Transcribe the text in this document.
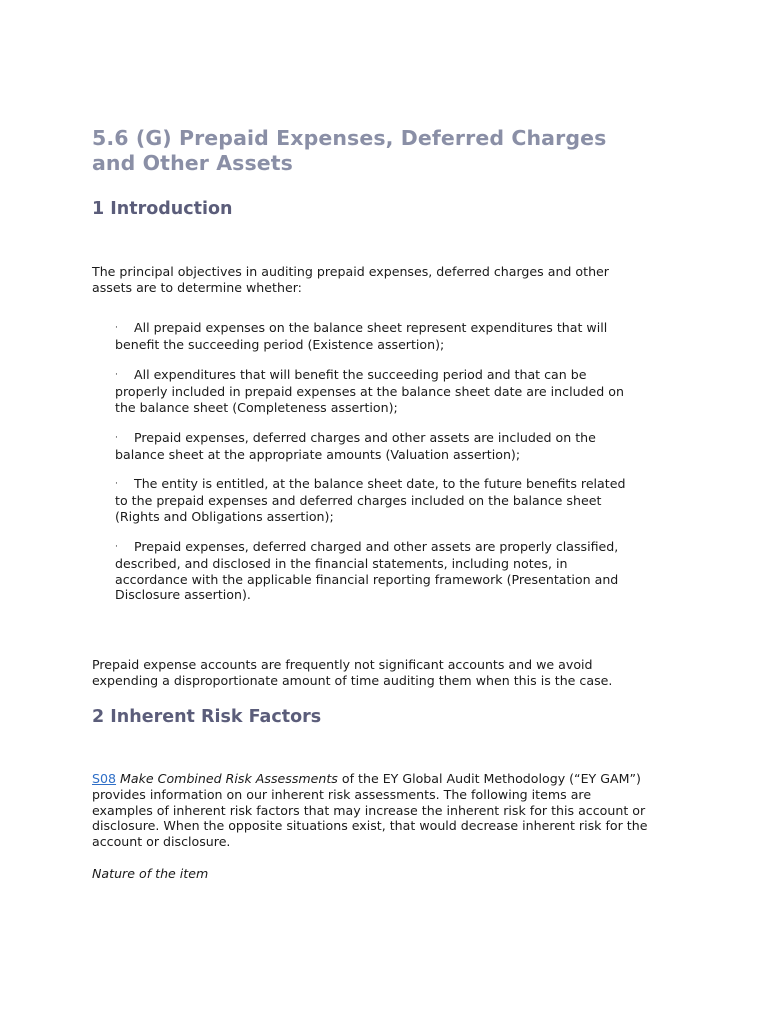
5.6 (G) Prepaid Expenses, Deferred Charges and Other Assets
1 Introduction

The principal objectives in auditing prepaid expenses, deferred charges and other assets are to determine whether:

· All prepaid expenses on the balance sheet represent expenditures that will benefit the succeeding period (Existence assertion);

· All expenditures that will benefit the succeeding period and that can be properly included in prepaid expenses at the balance sheet date are included on the balance sheet (Completeness assertion);

· Prepaid expenses, deferred charges and other assets are included on the balance sheet at the appropriate amounts (Valuation assertion);

· The entity is entitled, at the balance sheet date, to the future benefits related to the prepaid expenses and deferred charges included on the balance sheet (Rights and Obligations assertion);

· Prepaid expenses, deferred charged and other assets are properly classified, described, and disclosed in the financial statements, including notes, in accordance with the applicable financial reporting framework (Presentation and Disclosure assertion).

Prepaid expense accounts are frequently not significant accounts and we avoid expending a disproportionate amount of time auditing them when this is the case.

2 Inherent Risk Factors

S08 Make Combined Risk Assessments of the EY Global Audit Methodology (“EY GAM”) provides information on our inherent risk assessments. The following items are examples of inherent risk factors that may increase the inherent risk for this account or disclosure. When the opposite situations exist, that would decrease inherent risk for the account or disclosure.

Nature of the item
